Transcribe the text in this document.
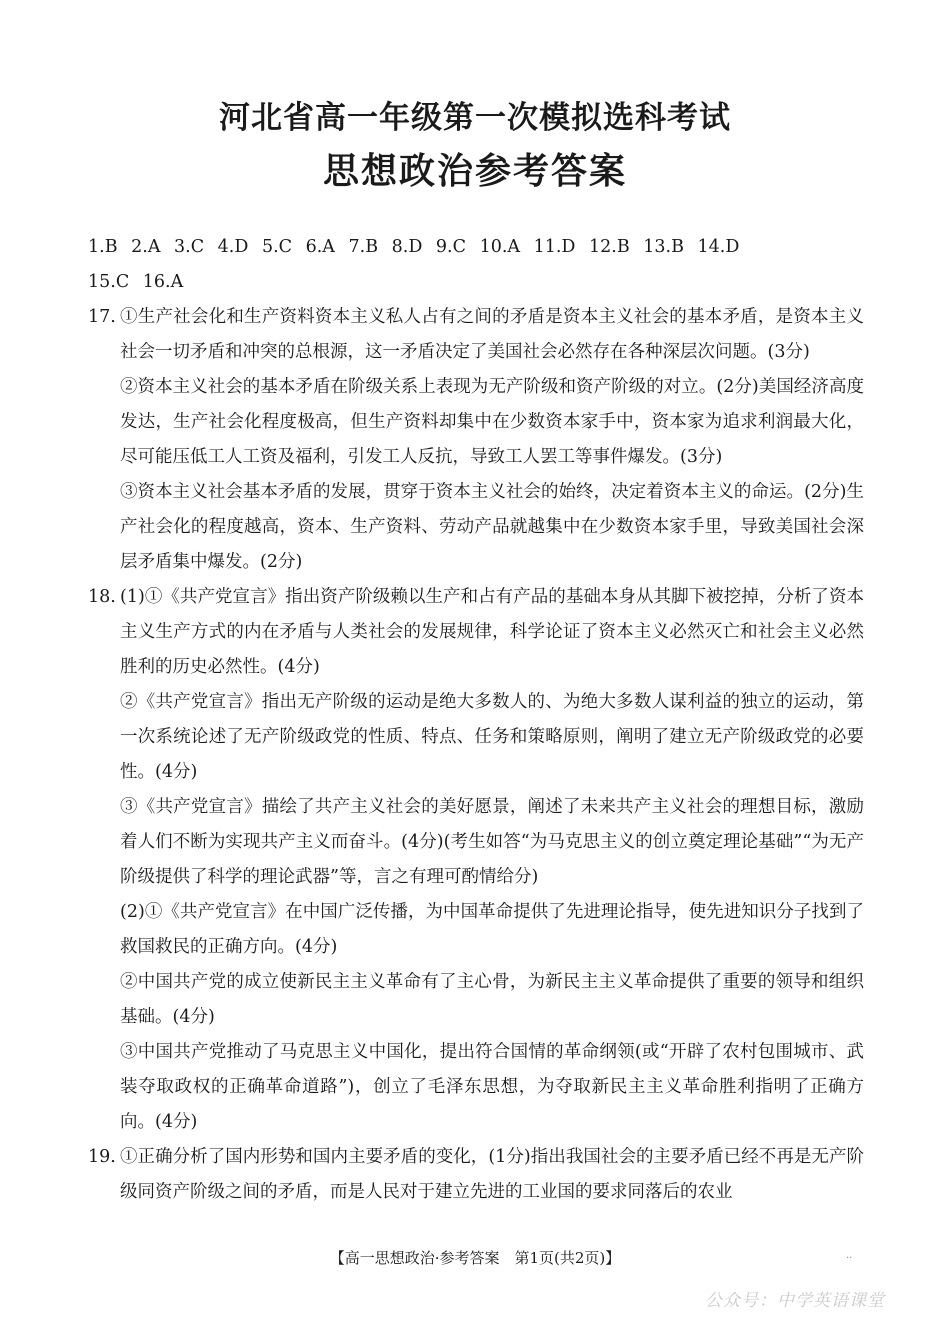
河北省高一年级第一次模拟选科考试
思想政治参考答案

1.B 2.A 3.C 4.D 5.C 6.A 7.B 8.D 9.C 10.A 11.D 12.B 13.B 14.D

15.C 16.A

17. ①生产社会化和生产资料资本主义私人占有之间的矛盾是资本主义社会的基本矛盾，是资本主义社会一切矛盾和冲突的总根源，这一矛盾决定了美国社会必然存在各种深层次问题。(3分)

②资本主义社会的基本矛盾在阶级关系上表现为无产阶级和资产阶级的对立。(2分)美国经济高度发达，生产社会化程度极高，但生产资料却集中在少数资本家手中，资本家为追求利润最大化，尽可能压低工人工资及福利，引发工人反抗，导致工人罢工等事件爆发。(3分)

③资本主义社会基本矛盾的发展，贯穿于资本主义社会的始终，决定着资本主义的命运。(2分)生产社会化的程度越高，资本、生产资料、劳动产品就越集中在少数资本家手里，导致美国社会深层矛盾集中爆发。(2分)

18. (1)①《共产党宣言》指出资产阶级赖以生产和占有产品的基础本身从其脚下被挖掉，分析了资本主义生产方式的内在矛盾与人类社会的发展规律，科学论证了资本主义必然灭亡和社会主义必然胜利的历史必然性。(4分)

②《共产党宣言》指出无产阶级的运动是绝大多数人的、为绝大多数人谋利益的独立的运动，第一次系统论述了无产阶级政党的性质、特点、任务和策略原则，阐明了建立无产阶级政党的必要性。(4分)

③《共产党宣言》描绘了共产主义社会的美好愿景，阐述了未来共产主义社会的理想目标，激励着人们不断为实现共产主义而奋斗。(4分)(考生如答“为马克思主义的创立奠定理论基础”“为无产阶级提供了科学的理论武器”等，言之有理可酌情给分)

(2)①《共产党宣言》在中国广泛传播，为中国革命提供了先进理论指导，使先进知识分子找到了救国救民的正确方向。(4分)

②中国共产党的成立使新民主主义革命有了主心骨，为新民主主义革命提供了重要的领导和组织基础。(4分)

③中国共产党推动了马克思主义中国化，提出符合国情的革命纲领(或“开辟了农村包围城市、武装夺取政权的正确革命道路”)，创立了毛泽东思想，为夺取新民主主义革命胜利指明了正确方向。(4分)

19. ①正确分析了国内形势和国内主要矛盾的变化，(1分)指出我国社会的主要矛盾已经不再是无产阶级同资产阶级之间的矛盾，而是人民对于建立先进的工业国的要求同落后的农业

【高一思想政治·参考答案　第1页(共2页)】	..
公众号：中学英语课堂
